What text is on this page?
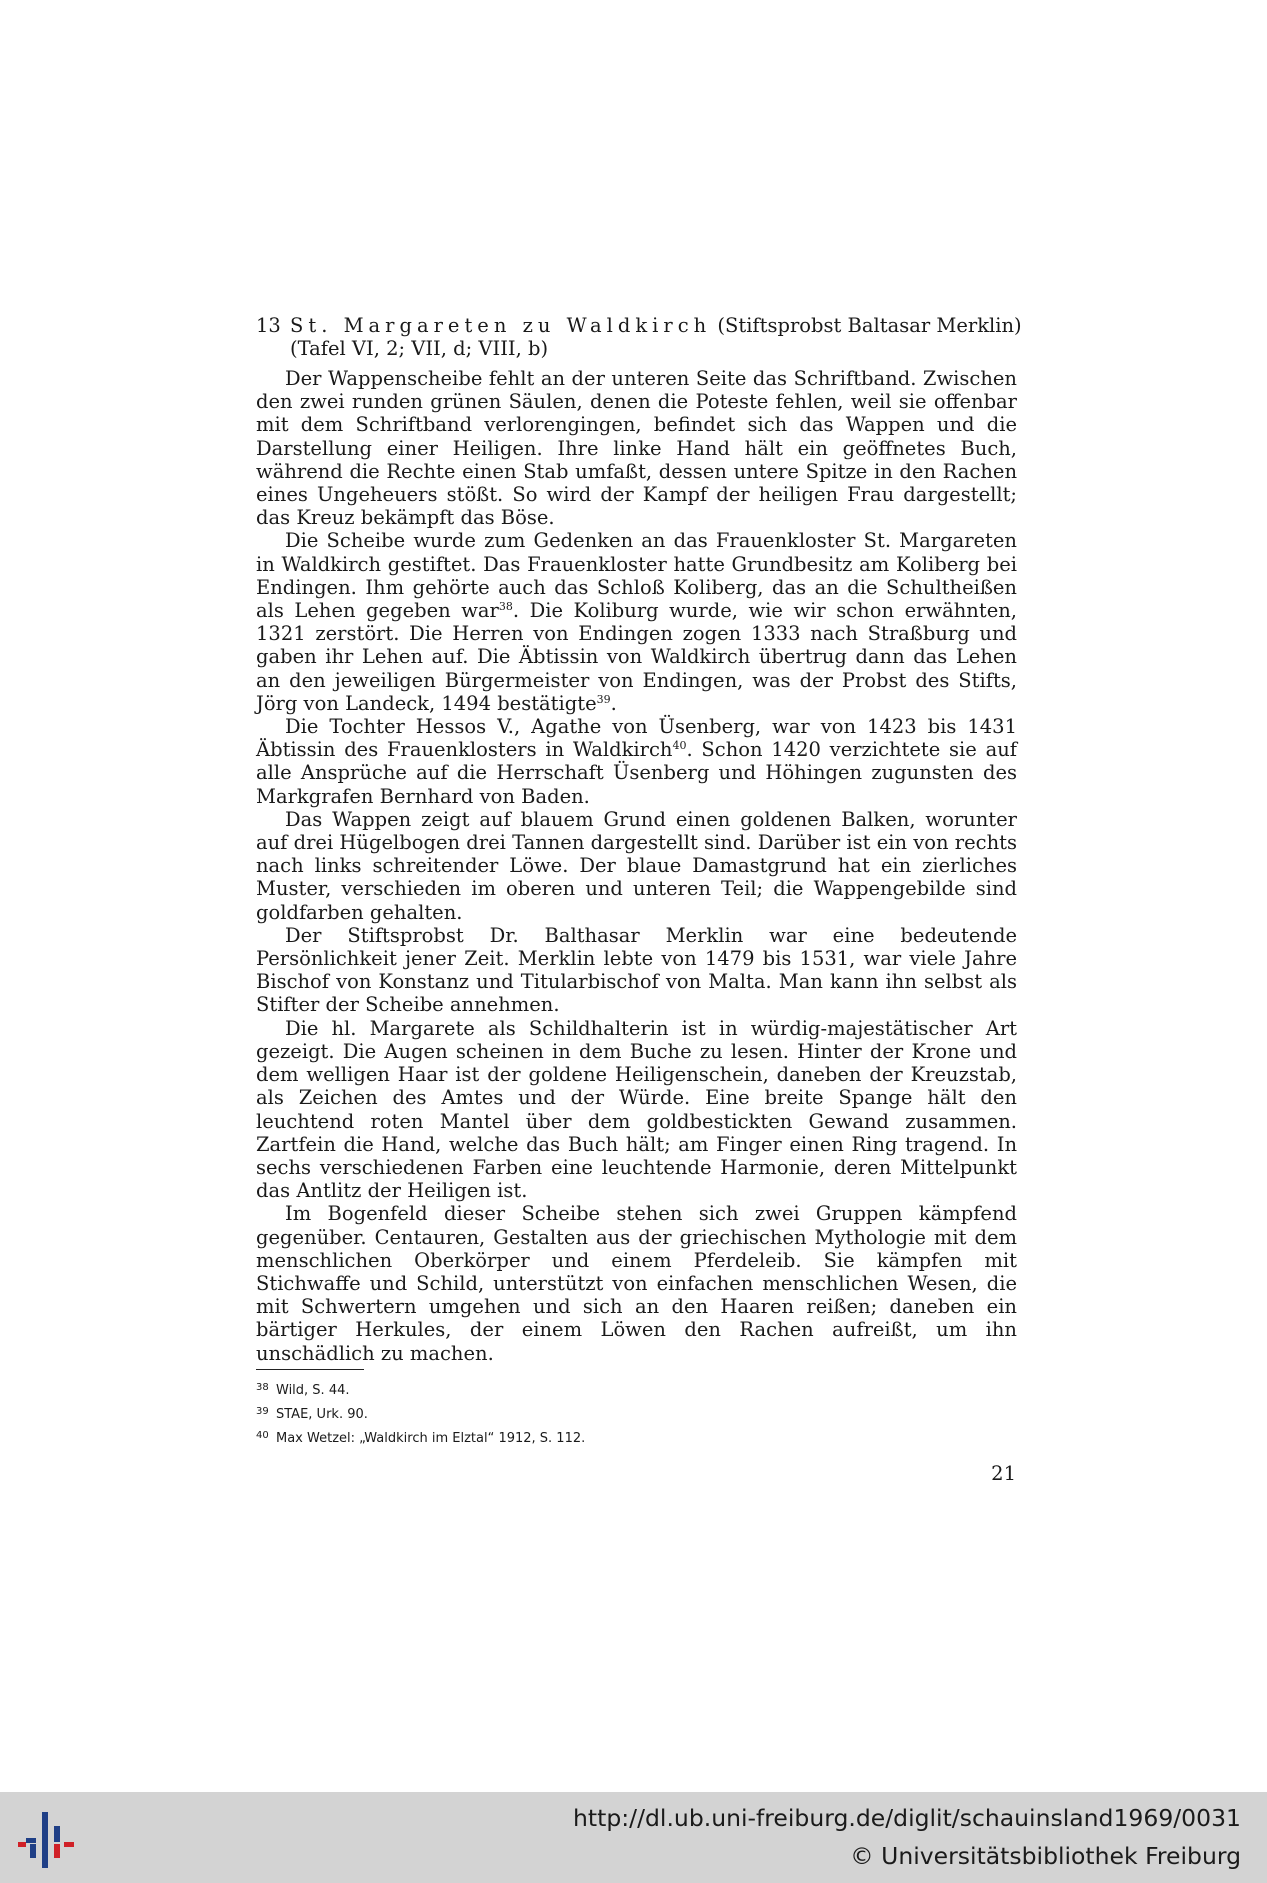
13 St. Margareten zu Waldkirch (Stiftsprobst Baltasar Merklin)
(Tafel VI, 2; VII, d; VIII, b)

Der Wappenscheibe fehlt an der unteren Seite das Schriftband. Zwischen den zwei runden grünen Säulen, denen die Poteste fehlen, weil sie offenbar mit dem Schriftband verlorengingen, befindet sich das Wappen und die Darstellung einer Heiligen. Ihre linke Hand hält ein geöffnetes Buch, während die Rechte einen Stab umfaßt, dessen untere Spitze in den Rachen eines Ungeheuers stößt. So wird der Kampf der heiligen Frau dargestellt; das Kreuz bekämpft das Böse.

Die Scheibe wurde zum Gedenken an das Frauenkloster St. Margareten in Waldkirch gestiftet. Das Frauenkloster hatte Grundbesitz am Koliberg bei Endingen. Ihm gehörte auch das Schloß Koliberg, das an die Schultheißen als Lehen gegeben war$^{38}$. Die Koliburg wurde, wie wir schon erwähnten, 1321 zerstört. Die Herren von Endingen zogen 1333 nach Straßburg und gaben ihr Lehen auf. Die Äbtissin von Waldkirch übertrug dann das Lehen an den jeweiligen Bürgermeister von Endingen, was der Probst des Stifts, Jörg von Landeck, 1494 bestätigte$^{39}$.

Die Tochter Hessos V., Agathe von Üsenberg, war von 1423 bis 1431 Äbtissin des Frauenklosters in Waldkirch$^{40}$. Schon 1420 verzichtete sie auf alle Ansprüche auf die Herrschaft Üsenberg und Höhingen zugunsten des Markgrafen Bernhard von Baden.

Das Wappen zeigt auf blauem Grund einen goldenen Balken, worunter auf drei Hügelbogen drei Tannen dargestellt sind. Darüber ist ein von rechts nach links schreitender Löwe. Der blaue Damastgrund hat ein zierliches Muster, verschieden im oberen und unteren Teil; die Wappengebilde sind goldfarben gehalten.

Der Stiftsprobst Dr. Balthasar Merklin war eine bedeutende Persönlichkeit jener Zeit. Merklin lebte von 1479 bis 1531, war viele Jahre Bischof von Konstanz und Titularbischof von Malta. Man kann ihn selbst als Stifter der Scheibe annehmen.

Die hl. Margarete als Schildhalterin ist in würdig-majestätischer Art gezeigt. Die Augen scheinen in dem Buche zu lesen. Hinter der Krone und dem welligen Haar ist der goldene Heiligenschein, daneben der Kreuzstab, als Zeichen des Amtes und der Würde. Eine breite Spange hält den leuchtend roten Mantel über dem goldbestickten Gewand zusammen. Zartfein die Hand, welche das Buch hält; am Finger einen Ring tragend. In sechs verschiedenen Farben eine leuchtende Harmonie, deren Mittelpunkt das Antlitz der Heiligen ist.

Im Bogenfeld dieser Scheibe stehen sich zwei Gruppen kämpfend gegenüber. Centauren, Gestalten aus der griechischen Mythologie mit dem menschlichen Oberkörper und einem Pferdeleib. Sie kämpfen mit Stichwaffe und Schild, unterstützt von einfachen menschlichen Wesen, die mit Schwertern umgehen und sich an den Haaren reißen; daneben ein bärtiger Herkules, der einem Löwen den Rachen aufreißt, um ihn unschädlich zu machen.

38 Wild, S. 44.
39 STAE, Urk. 90.
40 Max Wetzel: „Waldkirch im Elztal“ 1912, S. 112.
21
http://dl.ub.uni-freiburg.de/diglit/schauinsland1969/0031
© Universitätsbibliothek Freiburg
